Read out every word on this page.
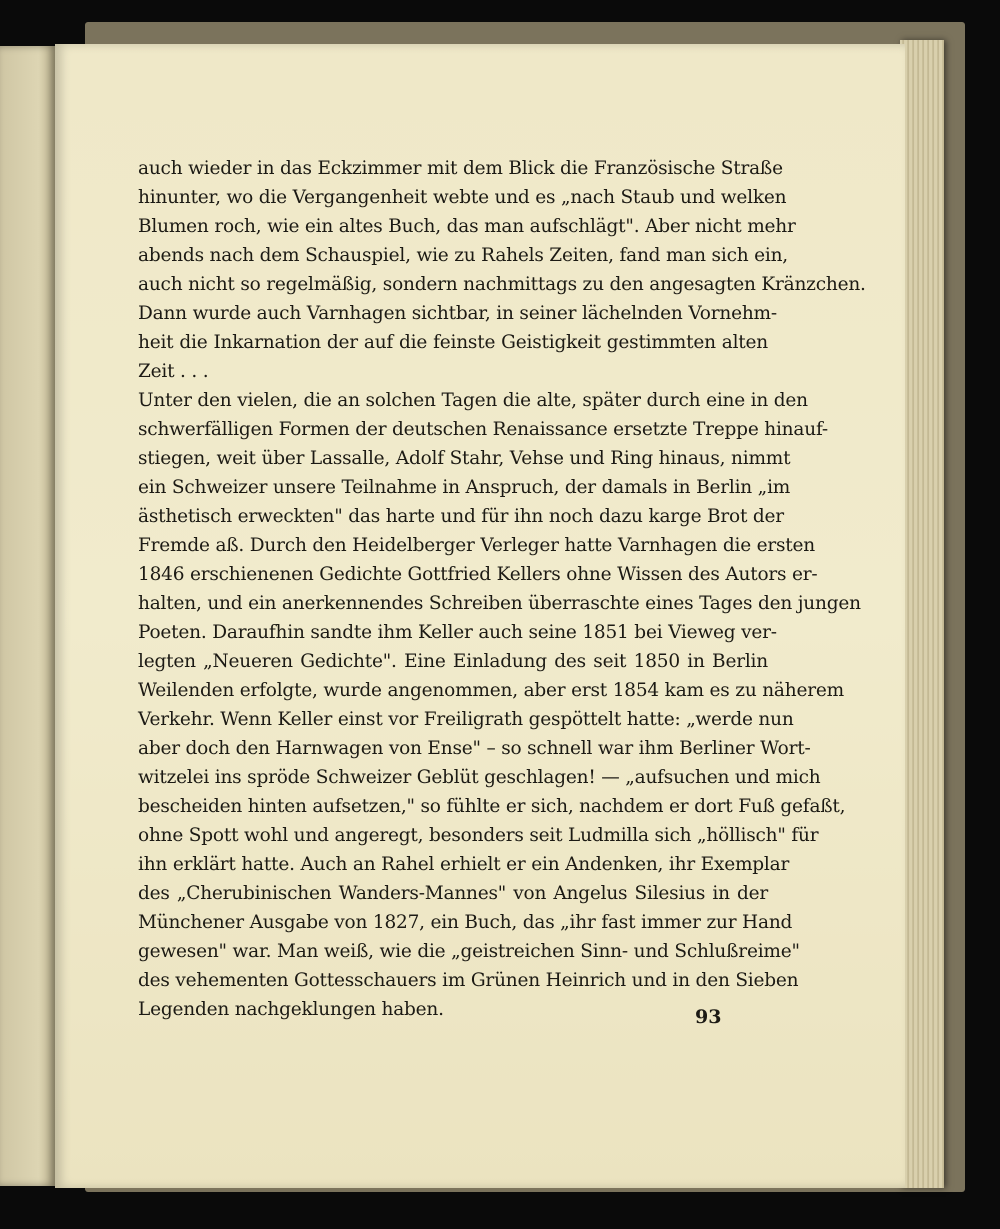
auch wieder in das Eckzimmer mit dem Blick die Französische Straße
hinunter, wo die Vergangenheit webte und es „nach Staub und welken
Blumen roch, wie ein altes Buch, das man aufschlägt". Aber nicht mehr
abends nach dem Schauspiel, wie zu Rahels Zeiten, fand man sich ein,
auch nicht so regelmäßig, sondern nachmittags zu den angesagten Kränzchen.
Dann wurde auch Varnhagen sichtbar, in seiner lächelnden Vornehm-
heit die Inkarnation der auf die feinste Geistigkeit gestimmten alten
Zeit . . .
Unter den vielen, die an solchen Tagen die alte, später durch eine in den
schwerfälligen Formen der deutschen Renaissance ersetzte Treppe hinauf-
stiegen, weit über Lassalle, Adolf Stahr, Vehse und Ring hinaus, nimmt
ein Schweizer unsere Teilnahme in Anspruch, der damals in Berlin „im
ästhetisch erweckten" das harte und für ihn noch dazu karge Brot der
Fremde aß. Durch den Heidelberger Verleger hatte Varnhagen die ersten
1846 erschienenen Gedichte Gottfried Kellers ohne Wissen des Autors er-
halten, und ein anerkennendes Schreiben überraschte eines Tages den jungen
Poeten. Daraufhin sandte ihm Keller auch seine 1851 bei Vieweg ver-
legten „Neueren Gedichte". Eine Einladung des seit 1850 in Berlin
Weilenden erfolgte, wurde angenommen, aber erst 1854 kam es zu näherem
Verkehr. Wenn Keller einst vor Freiligrath gespöttelt hatte: „werde nun
aber doch den Harnwagen von Ense" – so schnell war ihm Berliner Wort-
witzelei ins spröde Schweizer Geblüt geschlagen! — „aufsuchen und mich
bescheiden hinten aufsetzen," so fühlte er sich, nachdem er dort Fuß gefaßt,
ohne Spott wohl und angeregt, besonders seit Ludmilla sich „höllisch" für
ihn erklärt hatte. Auch an Rahel erhielt er ein Andenken, ihr Exemplar
des „Cherubinischen Wanders-Mannes" von Angelus Silesius in der
Münchener Ausgabe von 1827, ein Buch, das „ihr fast immer zur Hand
gewesen" war. Man weiß, wie die „geistreichen Sinn- und Schlußreime"
des vehementen Gottesschauers im Grünen Heinrich und in den Sieben
Legenden nachgeklungen haben.	93
